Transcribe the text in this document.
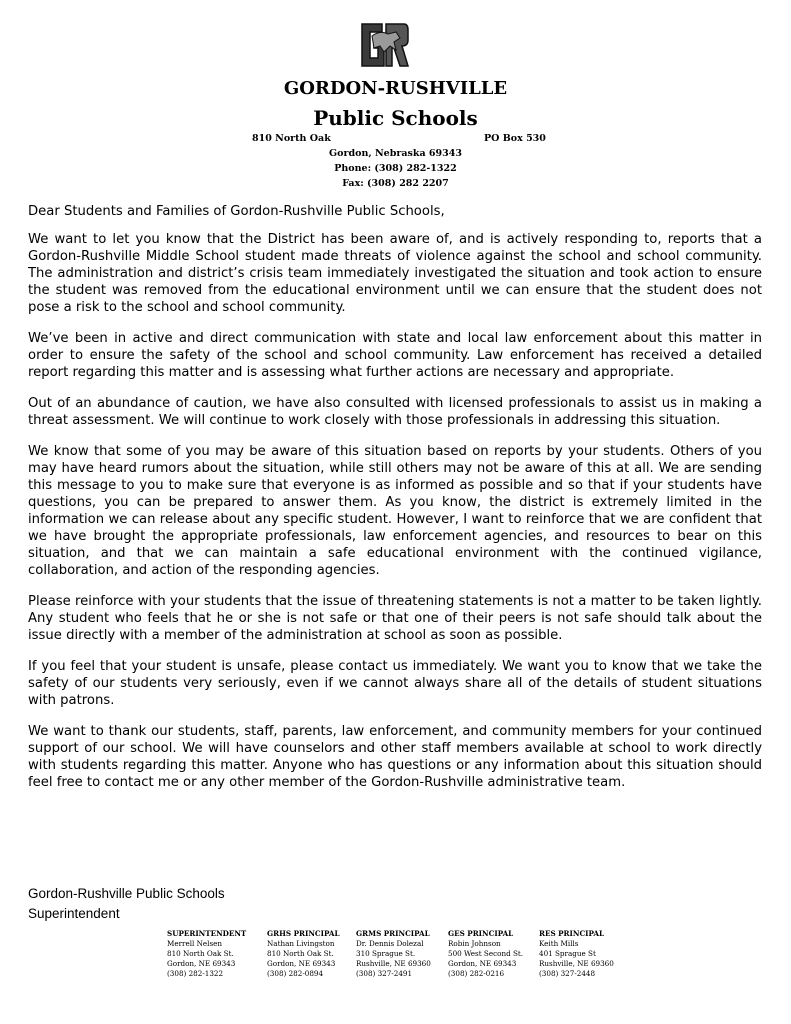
GORDON-RUSHVILLE
Public Schools
810 North Oak	PO Box 530
Gordon, Nebraska 69343
Phone: (308) 282-1322
Fax: (308) 282 2207
Dear Students and Families of Gordon-Rushville Public Schools,

We want to let you know that the District has been aware of, and is actively responding to, reports that a Gordon-Rushville Middle School student made threats of violence against the school and school community. The administration and district’s crisis team immediately investigated the situation and took action to ensure the student was removed from the educational environment until we can ensure that the student does not pose a risk to the school and school community.

We’ve been in active and direct communication with state and local law enforcement about this matter in order to ensure the safety of the school and school community. Law enforcement has received a detailed report regarding this matter and is assessing what further actions are necessary and appropriate.

Out of an abundance of caution, we have also consulted with licensed professionals to assist us in making a threat assessment. We will continue to work closely with those professionals in addressing this situation.

We know that some of you may be aware of this situation based on reports by your students. Others of you may have heard rumors about the situation, while still others may not be aware of this at all. We are sending this message to you to make sure that everyone is as informed as possible and so that if your students have questions, you can be prepared to answer them. As you know, the district is extremely limited in the information we can release about any specific student. However, I want to reinforce that we are confident that we have brought the appropriate professionals, law enforcement agencies, and resources to bear on this situation, and that we can maintain a safe educational environment with the continued vigilance, collaboration, and action of the responding agencies.

Please reinforce with your students that the issue of threatening statements is not a matter to be taken lightly. Any student who feels that he or she is not safe or that one of their peers is not safe should talk about the issue directly with a member of the administration at school as soon as possible.

If you feel that your student is unsafe, please contact us immediately. We want you to know that we take the safety of our students very seriously, even if we cannot always share all of the details of student situations with patrons.

We want to thank our students, staff, parents, law enforcement, and community members for your continued support of our school. We will have counselors and other staff members available at school to work directly with students regarding this matter. Anyone who has questions or any information about this situation should feel free to contact me or any other member of the Gordon-Rushville administrative team.

Gordon-Rushville Public Schools
Superintendent
SUPERINTENDENT
Merrell Nelsen
810 North Oak St.
Gordon, NE 69343
(308) 282-1322
GRHS PRINCIPAL
Nathan Livingston
810 North Oak St.
Gordon, NE 69343
(308) 282-0894
GRMS PRINCIPAL
Dr. Dennis Dolezal
310 Sprague St.
Rushville, NE 69360
(308) 327-2491
GES PRINCIPAL
Robin Johnson
500 West Second St.
Gordon, NE 69343
(308) 282-0216
RES PRINCIPAL
Keith Mills
401 Sprague St
Rushville, NE 69360
(308) 327-2448
